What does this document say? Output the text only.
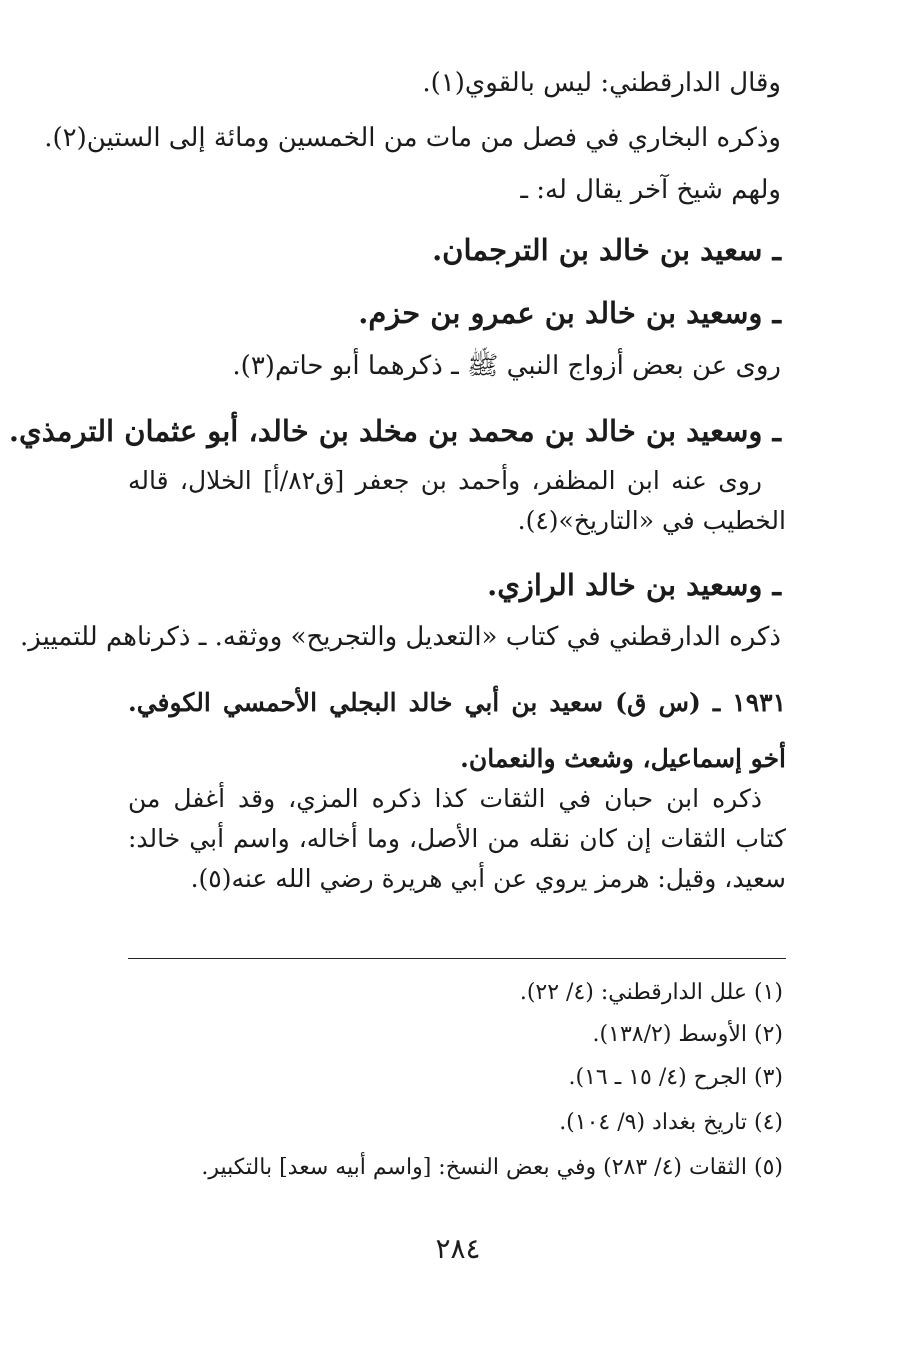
وقال الدارقطني: ليس بالقوي(١).
وذكره البخاري في فصل من مات من الخمسين ومائة إلى الستين(٢).
ولهم شيخ آخر يقال له: ـ
ـ سعيد بن خالد بن الترجمان.
ـ وسعيد بن خالد بن عمرو بن حزم.
روى عن بعض أزواج النبي ﷺ ـ ذكرهما أبو حاتم(٣).
ـ وسعيد بن خالد بن محمد بن مخلد بن خالد، أبو عثمان الترمذي.
روى عنه ابن المظفر، وأحمد بن جعفر [ق٨٢/أ] الخلال، قاله الخطيب في «التاريخ»(٤).
ـ وسعيد بن خالد الرازي.
ذكره الدارقطني في كتاب «التعديل والتجريح» ووثقه. ـ ذكرناهم للتمييز.
١٩٣١ ـ (س ق) سعيد بن أبي خالد البجلي الأحمسي الكوفي. أخو إسماعيل، وشعث والنعمان.
ذكره ابن حبان في الثقات كذا ذكره المزي، وقد أغفل من كتاب الثقات إن كان نقله من الأصل، وما أخاله، واسم أبي خالد: سعيد، وقيل: هرمز يروي عن أبي هريرة رضي الله عنه(٥).
(١) علل الدارقطني: (٤/ ٢٢).
(٢) الأوسط (١٣٨/٢).
(٣) الجرح (٤/ ١٥ ـ ١٦).
(٤) تاريخ بغداد (٩/ ١٠٤).
(٥) الثقات (٤/ ٢٨٣) وفي بعض النسخ: [واسم أبيه سعد] بالتكبير.
٢٨٤
